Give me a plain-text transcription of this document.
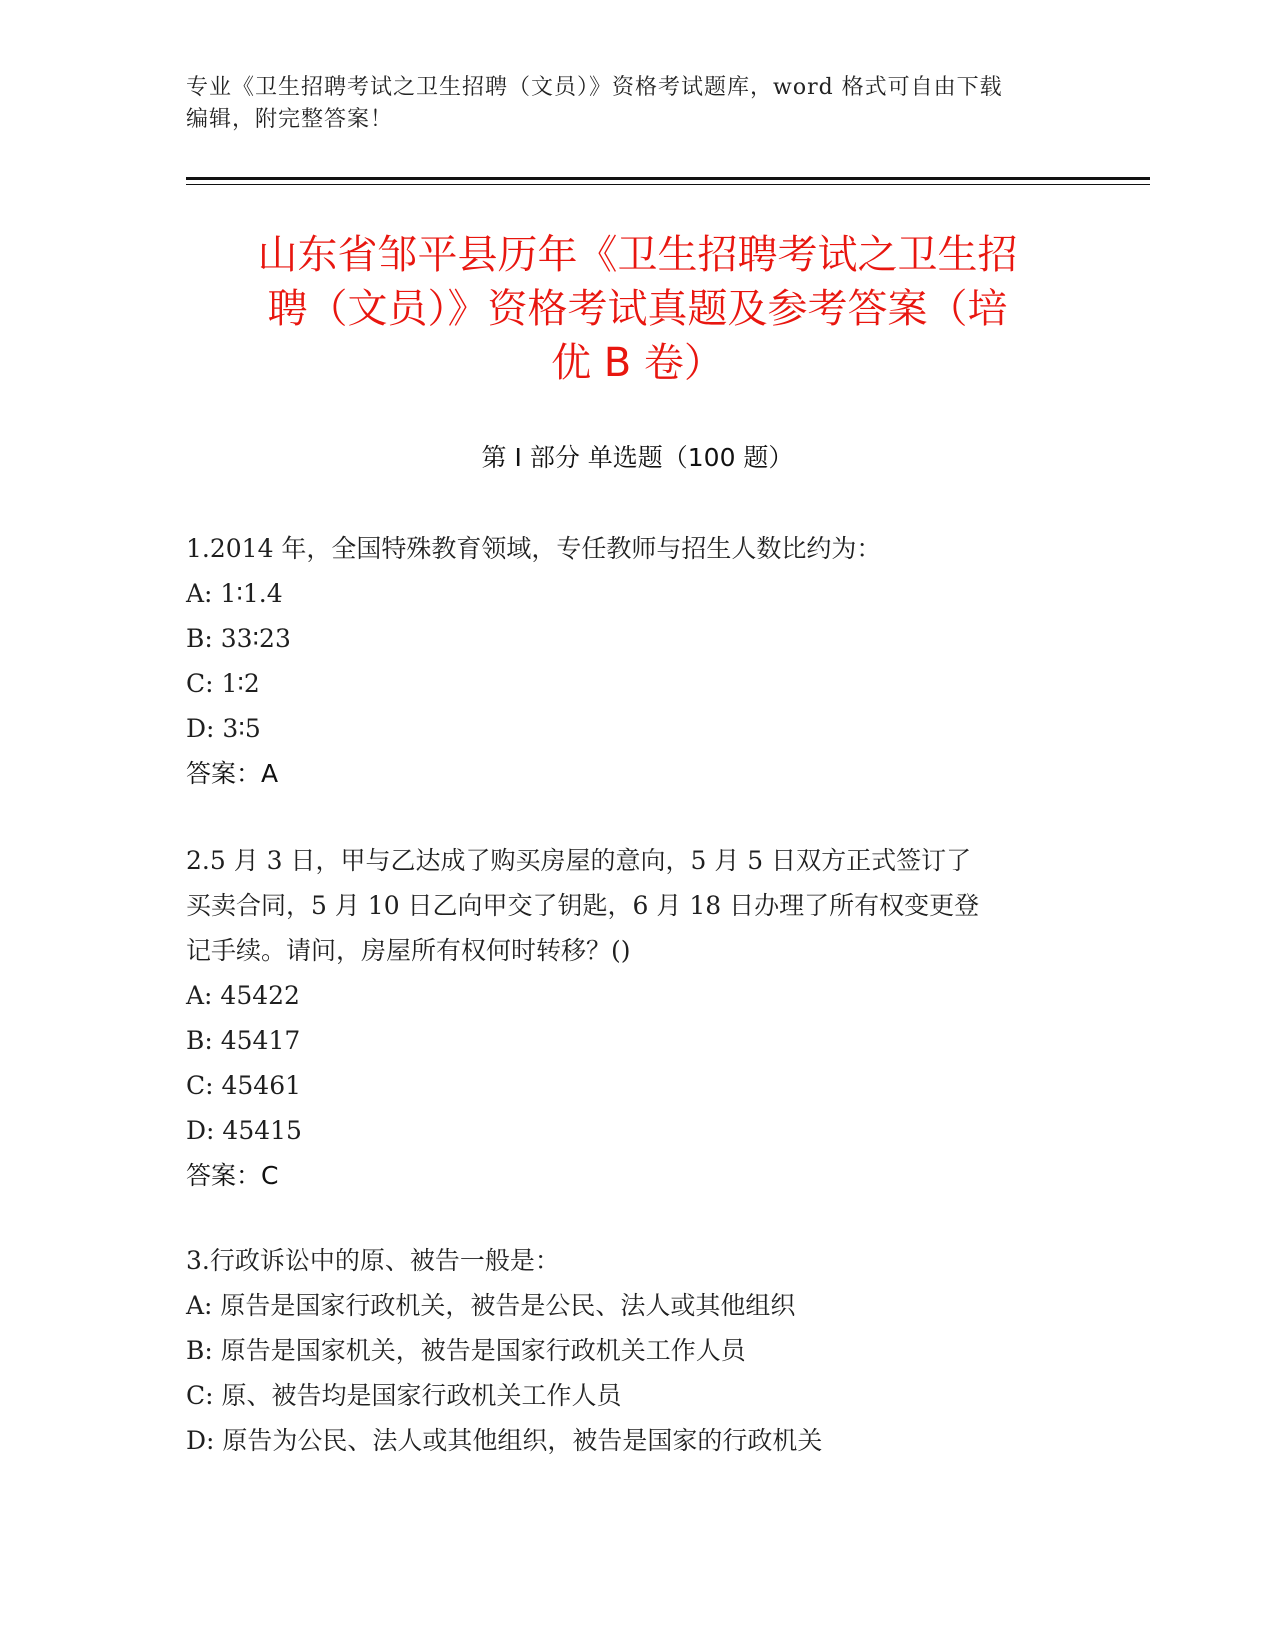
专业《卫生招聘考试之卫生招聘（文员）》资格考试题库，word 格式可自由下载
编辑，附完整答案！
山东省邹平县历年《卫生招聘考试之卫生招
聘（文员）》资格考试真题及参考答案（培
优 B 卷）
第 I 部分 单选题（100 题）
1.2014 年，全国特殊教育领域，专任教师与招生人数比约为：
A: 1∶1.4
B: 33∶23
C: 1∶2
D: 3∶5
答案：A
2.5 月 3 日，甲与乙达成了购买房屋的意向，5 月 5 日双方正式签订了
买卖合同，5 月 10 日乙向甲交了钥匙，6 月 18 日办理了所有权变更登
记手续。请问，房屋所有权何时转移？()
A: 45422
B: 45417
C: 45461
D: 45415
答案：C
3.行政诉讼中的原、被告一般是：
A: 原告是国家行政机关，被告是公民、法人或其他组织
B: 原告是国家机关，被告是国家行政机关工作人员
C: 原、被告均是国家行政机关工作人员
D: 原告为公民、法人或其他组织，被告是国家的行政机关
